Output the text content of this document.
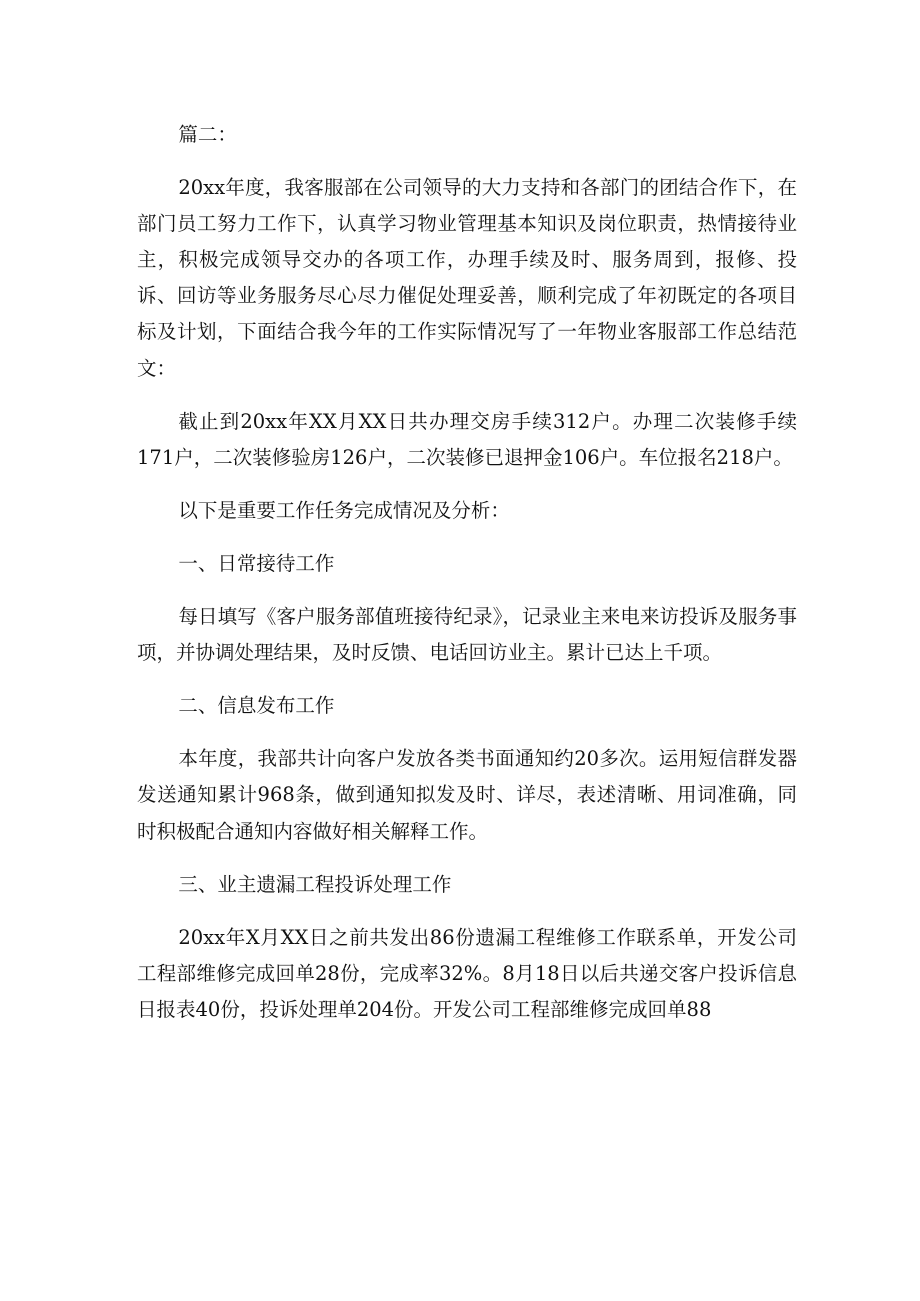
篇二：

20xx年度，我客服部在公司领导的大力支持和各部门的团结合作下，在部门员工努力工作下，认真学习物业管理基本知识及岗位职责，热情接待业主，积极完成领导交办的各项工作，办理手续及时、服务周到，报修、投诉、回访等业务服务尽心尽力催促处理妥善，顺利完成了年初既定的各项目标及计划，下面结合我今年的工作实际情况写了一年物业客服部工作总结范文：

截止到20xx年XX月XX日共办理交房手续312户。办理二次装修手续171户，二次装修验房126户，二次装修已退押金106户。车位报名218户。

以下是重要工作任务完成情况及分析：

一、日常接待工作

每日填写《客户服务部值班接待纪录》，记录业主来电来访投诉及服务事项，并协调处理结果，及时反馈、电话回访业主。累计已达上千项。

二、信息发布工作

本年度，我部共计向客户发放各类书面通知约20多次。运用短信群发器发送通知累计968条，做到通知拟发及时、详尽，表述清晰、用词准确，同时积极配合通知内容做好相关解释工作。

三、业主遗漏工程投诉处理工作

20xx年X月XX日之前共发出86份遗漏工程维修工作联系单，开发公司工程部维修完成回单28份，完成率32%。8月18日以后共递交客户投诉信息日报表40份，投诉处理单204份。开发公司工程部维修完成回单88
